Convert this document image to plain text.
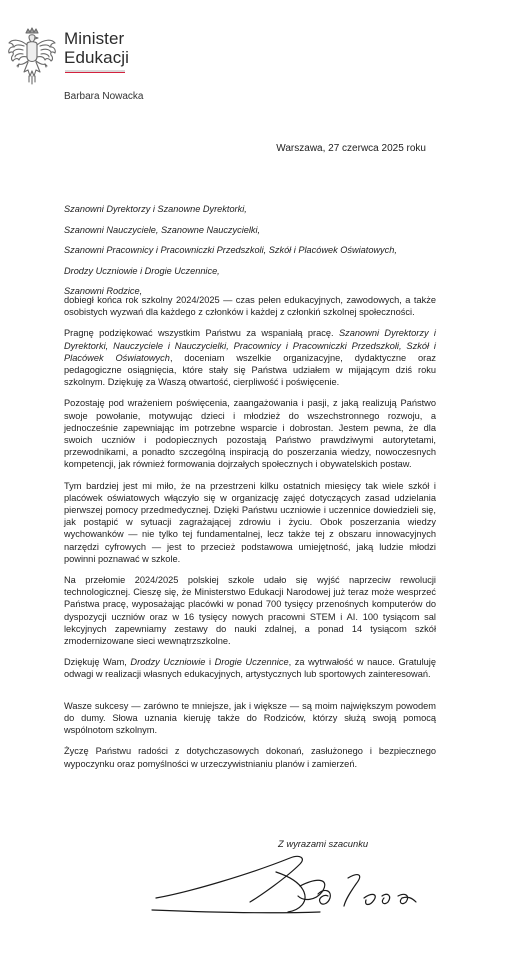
Minister
Edukacji
Barbara Nowacka
Warszawa, 27 czerwca 2025 roku
Szanowni Dyrektorzy i Szanowne Dyrektorki,
Szanowni Nauczyciele, Szanowne Nauczycielki,
Szanowni Pracownicy i Pracowniczki Przedszkoli, Szkół i Placówek Oświatowych,
Drodzy Uczniowie i Drogie Uczennice,
Szanowni Rodzice,

dobiegł końca rok szkolny 2024/2025 — czas pełen edukacyjnych, zawodowych, a także osobistych wyzwań dla każdego z członków i każdej z członkiń szkolnej społeczności.

Pragnę podziękować wszystkim Państwu za wspaniałą pracę. Szanowni Dyrektorzy i Dyrektorki, Nauczyciele i Nauczycielki, Pracownicy i Pracowniczki Przedszkoli, Szkół i Placówek Oświatowych, doceniam wszelkie organizacyjne, dydaktyczne oraz pedagogiczne osiągnięcia, które stały się Państwa udziałem w mijającym dziś roku szkolnym. Dziękuję za Waszą otwartość, cierpliwość i poświęcenie.

Pozostaję pod wrażeniem poświęcenia, zaangażowania i pasji, z jaką realizują Państwo swoje powołanie, motywując dzieci i młodzież do wszechstronnego rozwoju, a jednocześnie zapewniając im potrzebne wsparcie i dobrostan. Jestem pewna, że dla swoich uczniów i podopiecznych pozostają Państwo prawdziwymi autorytetami, przewodnikami, a ponadto szczególną inspiracją do poszerzania wiedzy, nowoczesnych kompetencji, jak również formowania dojrzałych społecznych i obywatelskich postaw.

Tym bardziej jest mi miło, że na przestrzeni kilku ostatnich miesięcy tak wiele szkół i placówek oświatowych włączyło się w organizację zajęć dotyczących zasad udzielania pierwszej pomocy przedmedycznej. Dzięki Państwu uczniowie i uczennice dowiedzieli się, jak postąpić w sytuacji zagrażającej zdrowiu i życiu. Obok poszerzania wiedzy wychowanków — nie tylko tej fundamentalnej, lecz także tej z obszaru innowacyjnych narzędzi cyfrowych — jest to przecież podstawowa umiejętność, jaką ludzie młodzi powinni poznawać w szkole.

Na przełomie 2024/2025 polskiej szkole udało się wyjść naprzeciw rewolucji technologicznej. Cieszę się, że Ministerstwo Edukacji Narodowej już teraz może wesprzeć Państwa pracę, wyposażając placówki w ponad 700 tysięcy przenośnych komputerów do dyspozycji uczniów oraz w 16 tysięcy nowych pracowni STEM i AI. 100 tysiącom sal lekcyjnych zapewniamy zestawy do nauki zdalnej, a ponad 14 tysiącom szkół zmodernizowane sieci wewnątrzszkolne.

Dziękuję Wam, Drodzy Uczniowie i Drogie Uczennice, za wytrwałość w nauce. Gratuluję odwagi w realizacji własnych edukacyjnych, artystycznych lub sportowych zainteresowań.

Wasze sukcesy — zarówno te mniejsze, jak i większe — są moim największym powodem do dumy. Słowa uznania kieruję także do Rodziców, którzy służą swoją pomocą wspólnotom szkolnym.

Życzę Państwu radości z dotychczasowych dokonań, zasłużonego i bezpiecznego wypoczynku oraz pomyślności w urzeczywistnianiu planów i zamierzeń.

Z wyrazami szacunku
